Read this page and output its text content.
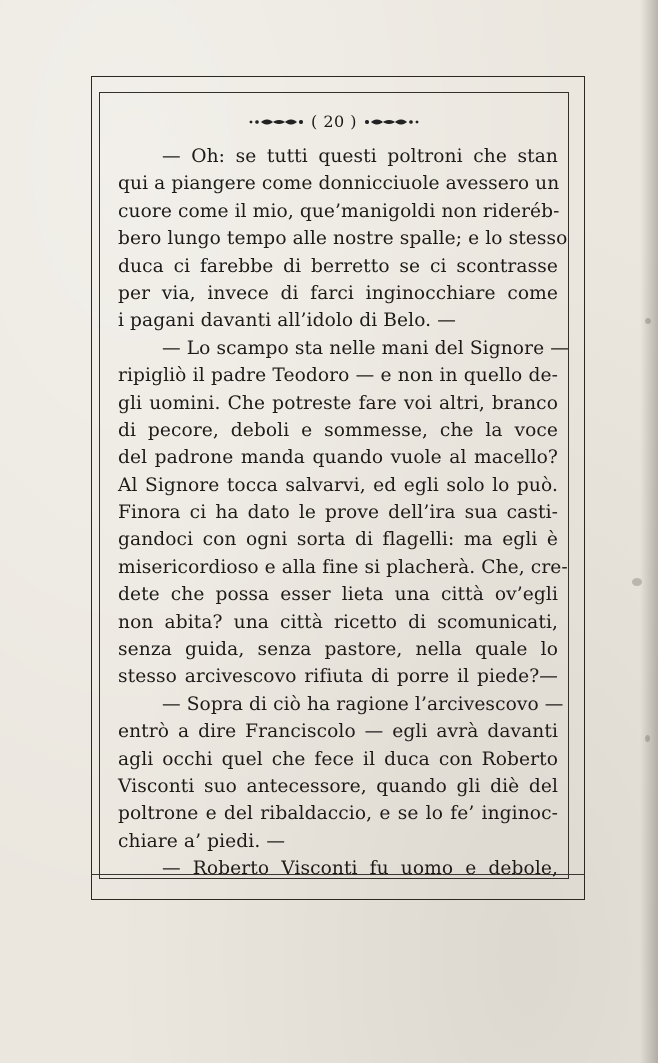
( 20 )
— Oh: se tutti questi poltroni che stan
qui a piangere come donnicciuole avessero un
cuore come il mio, que’manigoldi non rideréb-
bero lungo tempo alle nostre spalle; e lo stesso
duca ci farebbe di berretto se ci scontrasse
per via, invece di farci inginocchiare come
i pagani davanti all’idolo di Belo. —
— Lo scampo sta nelle mani del Signore —
ripigliò il padre Teodoro — e non in quello de-
gli uomini. Che potreste fare voi altri, branco
di pecore, deboli e sommesse, che la voce
del padrone manda quando vuole al macello?
Al Signore tocca salvarvi, ed egli solo lo può.
Finora ci ha dato le prove dell’ira sua casti-
gandoci con ogni sorta di flagelli: ma egli è
misericordioso e alla fine si placherà. Che, cre-
dete che possa esser lieta una città ov’egli
non abita? una città ricetto di scomunicati,
senza guida, senza pastore, nella quale lo
stesso arcivescovo rifiuta di porre il piede?—
— Sopra di ciò ha ragione l’arcivescovo —
entrò a dire Franciscolo — egli avrà davanti
agli occhi quel che fece il duca con Roberto
Visconti suo antecessore, quando gli diè del
poltrone e del ribaldaccio, e se lo fe’ inginoc-
chiare a’ piedi. —
— Roberto Visconti fu uomo e debole,
